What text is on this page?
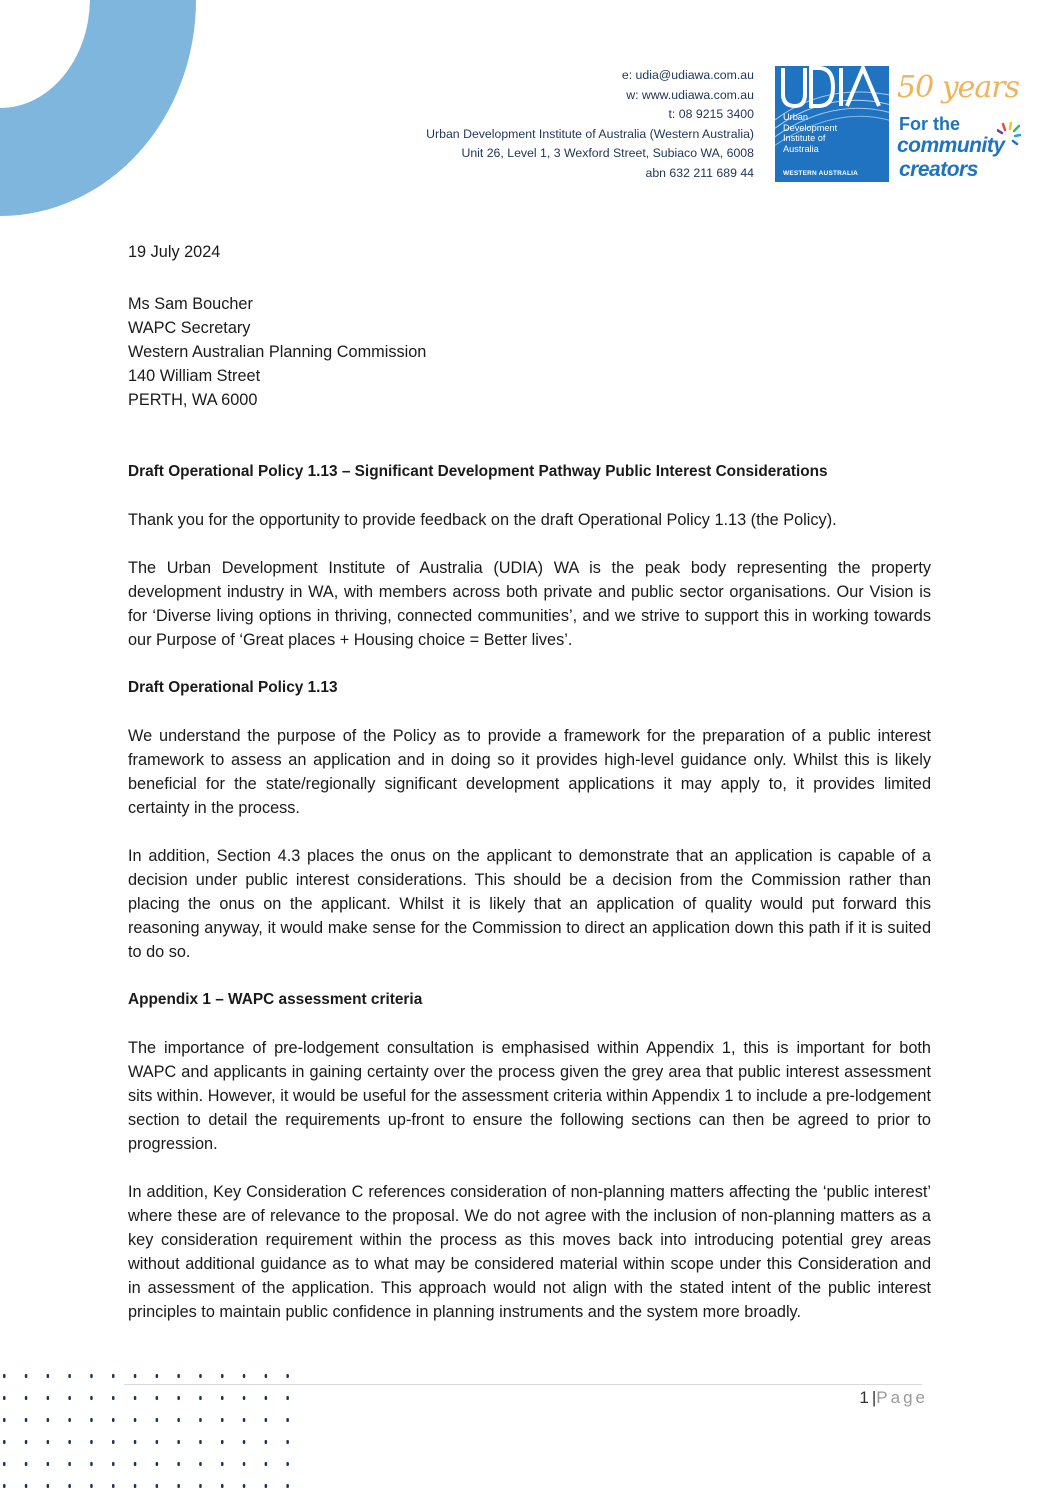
e: udia@udiawa.com.au
w: www.udiawa.com.au
t: 08 9215 3400
Urban Development Institute of Australia (Western Australia)
Unit 26, Level 1, 3 Wexford Street, Subiaco WA, 6008
abn 632 211 689 44
Urban
Development
Institute of
Australia
WESTERN AUSTRALIA
50 years
For the
community
creators

19 July 2024

Ms Sam Boucher

WAPC Secretary

Western Australian Planning Commission

140 William Street

PERTH, WA 6000

Draft Operational Policy 1.13 – Significant Development Pathway Public Interest Considerations

Thank you for the opportunity to provide feedback on the draft Operational Policy 1.13 (the Policy).

The Urban Development Institute of Australia (UDIA) WA is the peak body representing the property development industry in WA, with members across both private and public sector organisations. Our Vision is for ‘Diverse living options in thriving, connected communities’, and we strive to support this in working towards our Purpose of ‘Great places + Housing choice = Better lives’.

Draft Operational Policy 1.13

We understand the purpose of the Policy as to provide a framework for the preparation of a public interest framework to assess an application and in doing so it provides high-level guidance only. Whilst this is likely beneficial for the state/regionally significant development applications it may apply to, it provides limited certainty in the process.

In addition, Section 4.3 places the onus on the applicant to demonstrate that an application is capable of a decision under public interest considerations. This should be a decision from the Commission rather than placing the onus on the applicant. Whilst it is likely that an application of quality would put forward this reasoning anyway, it would make sense for the Commission to direct an application down this path if it is suited to do so.

Appendix 1 – WAPC assessment criteria

The importance of pre-lodgement consultation is emphasised within Appendix 1, this is important for both WAPC and applicants in gaining certainty over the process given the grey area that public interest assessment sits within. However, it would be useful for the assessment criteria within Appendix 1 to include a pre-lodgement section to detail the requirements up-front to ensure the following sections can then be agreed to prior to progression.

In addition, Key Consideration C references consideration of non-planning matters affecting the ‘public interest’ where these are of relevance to the proposal. We do not agree with the inclusion of non-planning matters as a key consideration requirement within the process as this moves back into introducing potential grey areas without additional guidance as to what may be considered material within scope under this Consideration and in assessment of the application. This approach would not align with the stated intent of the public interest principles to maintain public confidence in planning instruments and the system more broadly.

1|Page
